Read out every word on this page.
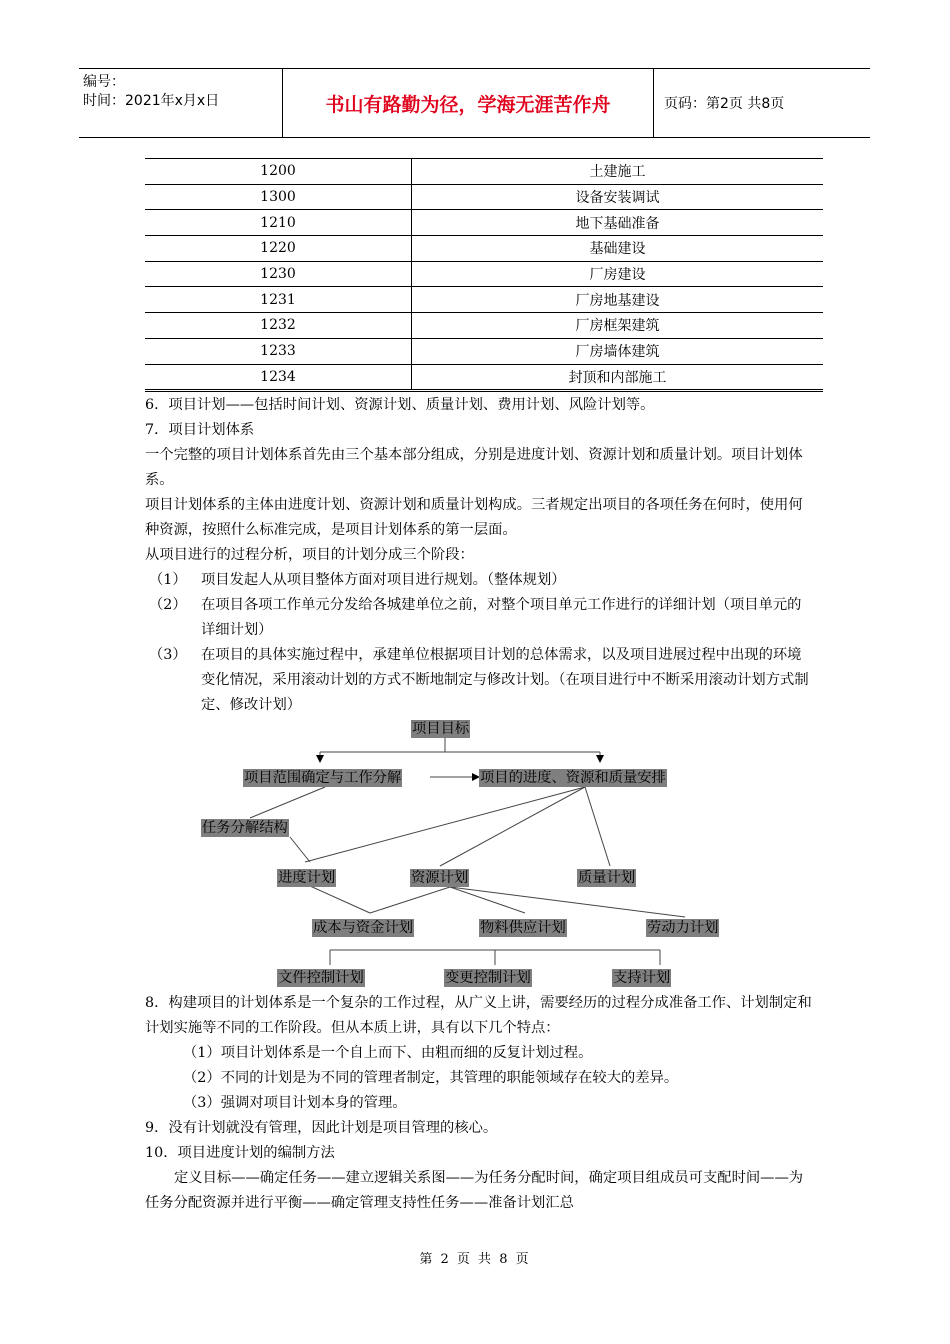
编号：
时间：2021年x月x日	书山有路勤为径，学海无涯苦作舟	页码：第2页 共8页
1200	土建施工
1300	设备安装调试
1210	地下基础准备
1220	基础建设
1230	厂房建设
1231	厂房地基建设
1232	厂房框架建筑
1233	厂房墙体建筑
1234	封顶和内部施工

6．项目计划——包括时间计划、资源计划、质量计划、费用计划、风险计划等。

7．项目计划体系

一个完整的项目计划体系首先由三个基本部分组成，分别是进度计划、资源计划和质量计划。项目计划体系。

项目计划体系的主体由进度计划、资源计划和质量计划构成。三者规定出项目的各项任务在何时，使用何种资源，按照什么标准完成，是项目计划体系的第一层面。

从项目进行的过程分析，项目的计划分成三个阶段：

（1） 项目发起人从项目整体方面对项目进行规划。（整体规划）
（2） 在项目各项工作单元分发给各城建单位之前，对整个项目单元工作进行的详细计划（项目单元的详细计划）
（3） 在项目的具体实施过程中，承建单位根据项目计划的总体需求，以及项目进展过程中出现的环境变化情况，采用滚动计划的方式不断地制定与修改计划。（在项目进行中不断采用滚动计划方式制定、修改计划）
项目目标
项目范围确定与工作分解	项目的进度、资源和质量安排
任务分解结构
进度计划	资源计划	质量计划
成本与资金计划	物料供应计划	劳动力计划
文件控制计划	变更控制计划	支持计划

8．构建项目的计划体系是一个复杂的工作过程，从广义上讲，需要经历的过程分成准备工作、计划制定和计划实施等不同的工作阶段。但从本质上讲，具有以下几个特点：

（1）项目计划体系是一个自上而下、由粗而细的反复计划过程。

（2）不同的计划是为不同的管理者制定，其管理的职能领域存在较大的差异。

（3）强调对项目计划本身的管理。

9．没有计划就没有管理，因此计划是项目管理的核心。

10．项目进度计划的编制方法

定义目标——确定任务——建立逻辑关系图——为任务分配时间，确定项目组成员可支配时间——为任务分配资源并进行平衡——确定管理支持性任务——准备计划汇总

第 2 页 共 8 页
